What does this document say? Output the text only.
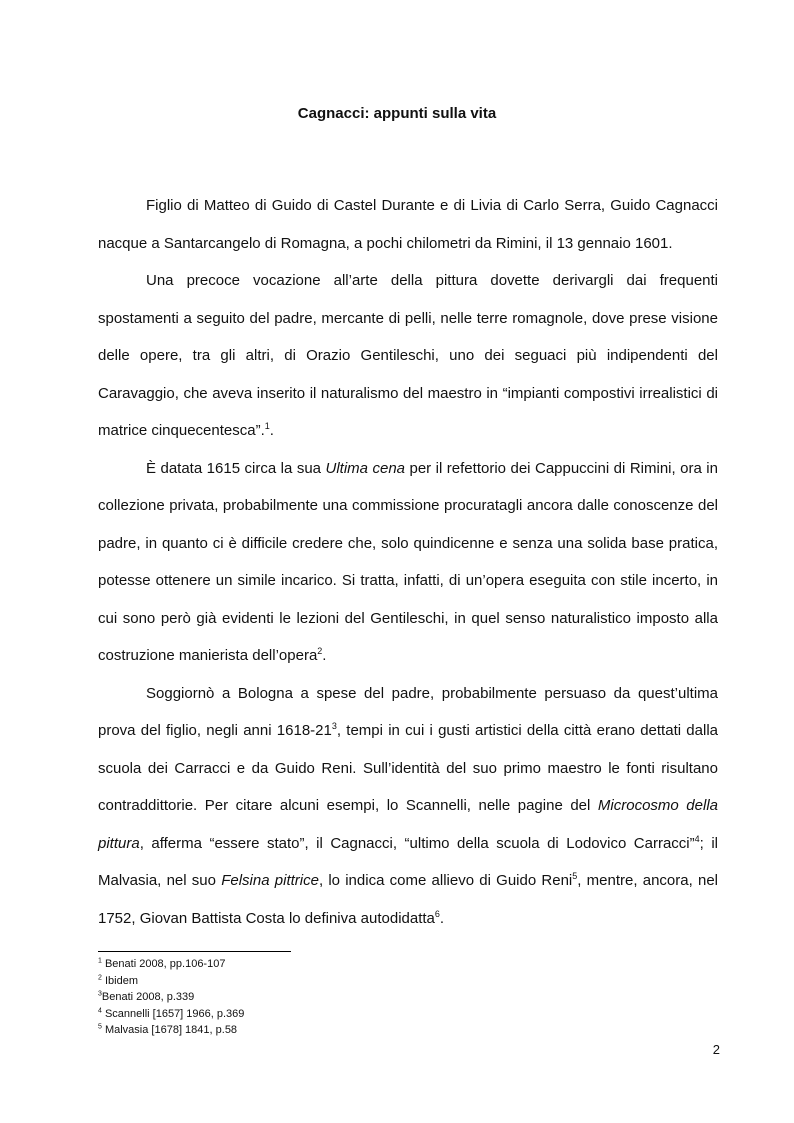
Cagnacci: appunti sulla vita

Figlio di Matteo di Guido di Castel Durante e di Livia di Carlo Serra, Guido Cagnacci nacque a Santarcangelo di Romagna, a pochi chilometri da Rimini, il 13 gennaio 1601.

Una precoce vocazione all’arte della pittura dovette derivargli dai frequenti spostamenti a seguito del padre, mercante di pelli, nelle terre romagnole, dove prese visione delle opere, tra gli altri, di Orazio Gentileschi, uno dei seguaci più indipendenti del Caravaggio, che aveva inserito il naturalismo del maestro in “impianti compostivi irrealistici di matrice cinquecentesca”.$^1$.

È datata 1615 circa la sua Ultima cena per il refettorio dei Cappuccini di Rimini, ora in collezione privata, probabilmente una commissione procuratagli ancora dalle conoscenze del padre, in quanto ci è difficile credere che, solo quindicenne e senza una solida base pratica, potesse ottenere un simile incarico. Si tratta, infatti, di un’opera eseguita con stile incerto, in cui sono però già evidenti le lezioni del Gentileschi, in quel senso naturalistico imposto alla costruzione manierista dell’opera$^2$.

Soggiornò a Bologna a spese del padre, probabilmente persuaso da quest’ultima prova del figlio, negli anni $1618-21^3$, tempi in cui i gusti artistici della città erano dettati dalla scuola dei Carracci e da Guido Reni. Sull’identità del suo primo maestro le fonti risultano contraddittorie. Per citare alcuni esempi, lo Scannelli, nelle pagine del Microcosmo della pittura, afferma “essere stato”, il Cagnacci, “ultimo della scuola di Lodovico Carracci”$^4$; il Malvasia, nel suo Felsina pittrice, lo indica come allievo di Guido Reni$^5$, mentre, ancora, nel 1752, Giovan Battista Costa lo definiva autodidatta$^6$.

$^1$ Benati 2008, pp.106-107
$^2$ Ibidem
$^3$Benati 2008, p.339
$^4$ Scannelli [1657] 1966, p.369
$^5$ Malvasia [1678] 1841, p.58
2
